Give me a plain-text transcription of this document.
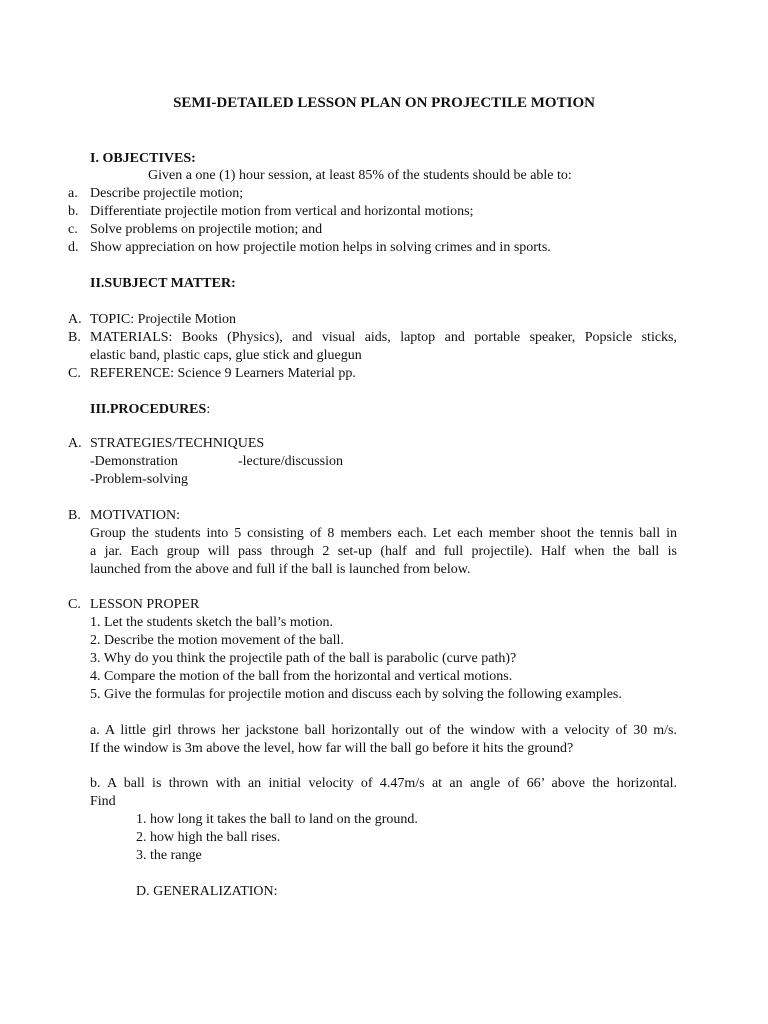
SEMI-DETAILED LESSON PLAN ON PROJECTILE MOTION
I. OBJECTIVES:
Given a one (1) hour session, at least 85% of the students should be able to:
a. Describe projectile motion;
b. Differentiate projectile motion from vertical and horizontal motions;
c. Solve problems on projectile motion; and
d. Show appreciation on how projectile motion helps in solving crimes and in sports.
II.SUBJECT MATTER:
A. TOPIC: Projectile Motion
B. MATERIALS: Books (Physics), and visual aids, laptop and portable speaker, Popsicle sticks,
elastic band, plastic caps, glue stick and gluegun
C. REFERENCE: Science 9 Learners Material pp.
III.PROCEDURES:
A. STRATEGIES/TECHNIQUES
-Demonstration	-lecture/discussion
-Problem-solving
B. MOTIVATION:
Group the students into 5 consisting of 8 members each. Let each member shoot the tennis ball in
a jar. Each group will pass through 2 set-up (half and full projectile). Half when the ball is
launched from the above and full if the ball is launched from below.
C. LESSON PROPER
1. Let the students sketch the ball’s motion.
2. Describe the motion movement of the ball.
3. Why do you think the projectile path of the ball is parabolic (curve path)?
4. Compare the motion of the ball from the horizontal and vertical motions.
5. Give the formulas for projectile motion and discuss each by solving the following examples.
a. A little girl throws her jackstone ball horizontally out of the window with a velocity of 30 m/s.
If the window is 3m above the level, how far will the ball go before it hits the ground?
b. A ball is thrown with an initial velocity of 4.47m/s at an angle of 66’ above the horizontal.
Find
1. how long it takes the ball to land on the ground.
2. how high the ball rises.
3. the range
D. GENERALIZATION:
